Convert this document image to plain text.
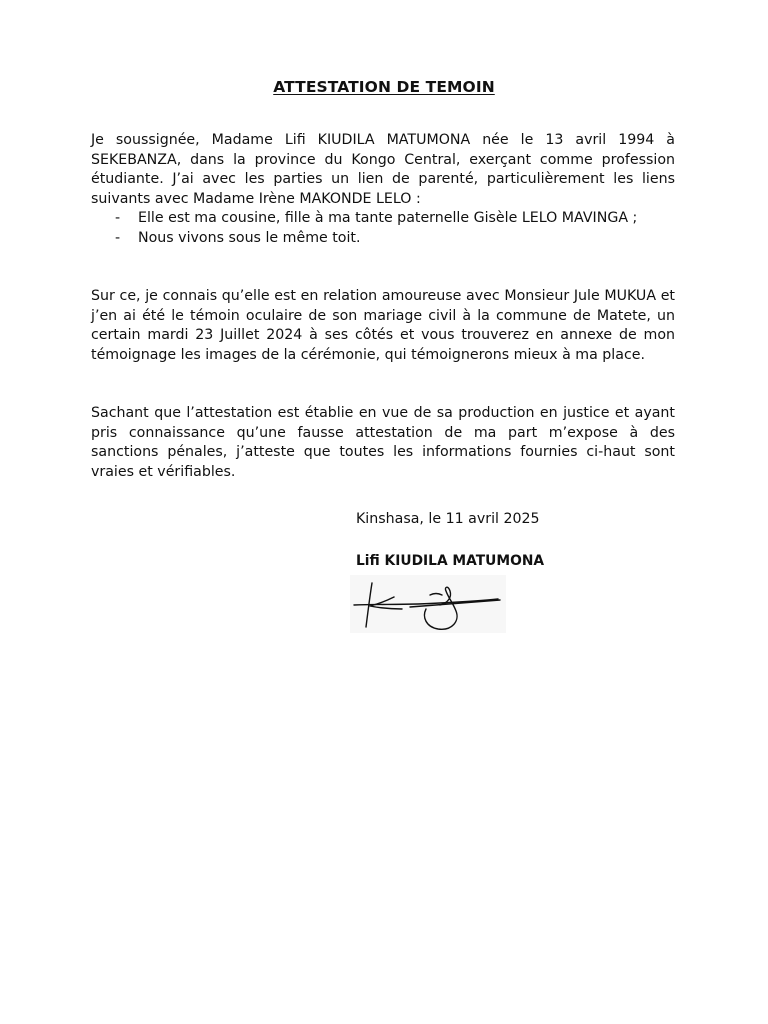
ATTESTATION DE TEMOIN
Je soussignée, Madame Lifi KIUDILA MATUMONA née le 13 avril 1994 à SEKEBANZA, dans la province du Kongo Central, exerçant comme profession étudiante. J’ai avec les parties un lien de parenté, particulièrement les liens suivants avec Madame Irène MAKONDE LELO :
- Elle est ma cousine, fille à ma tante paternelle Gisèle LELO MAVINGA ;
- Nous vivons sous le même toit.
Sur ce, je connais qu’elle est en relation amoureuse avec Monsieur Jule MUKUA et j’en ai été le témoin oculaire de son mariage civil à la commune de Matete, un certain mardi 23 Juillet 2024 à ses côtés et vous trouverez en annexe de mon témoignage les images de la cérémonie, qui témoignerons mieux à ma place.
Sachant que l’attestation est établie en vue de sa production en justice et ayant pris connaissance qu’une fausse attestation de ma part m’expose à des sanctions pénales, j’atteste que toutes les informations fournies ci-haut sont vraies et vérifiables.
Kinshasa, le 11 avril 2025
Lifi KIUDILA MATUMONA
